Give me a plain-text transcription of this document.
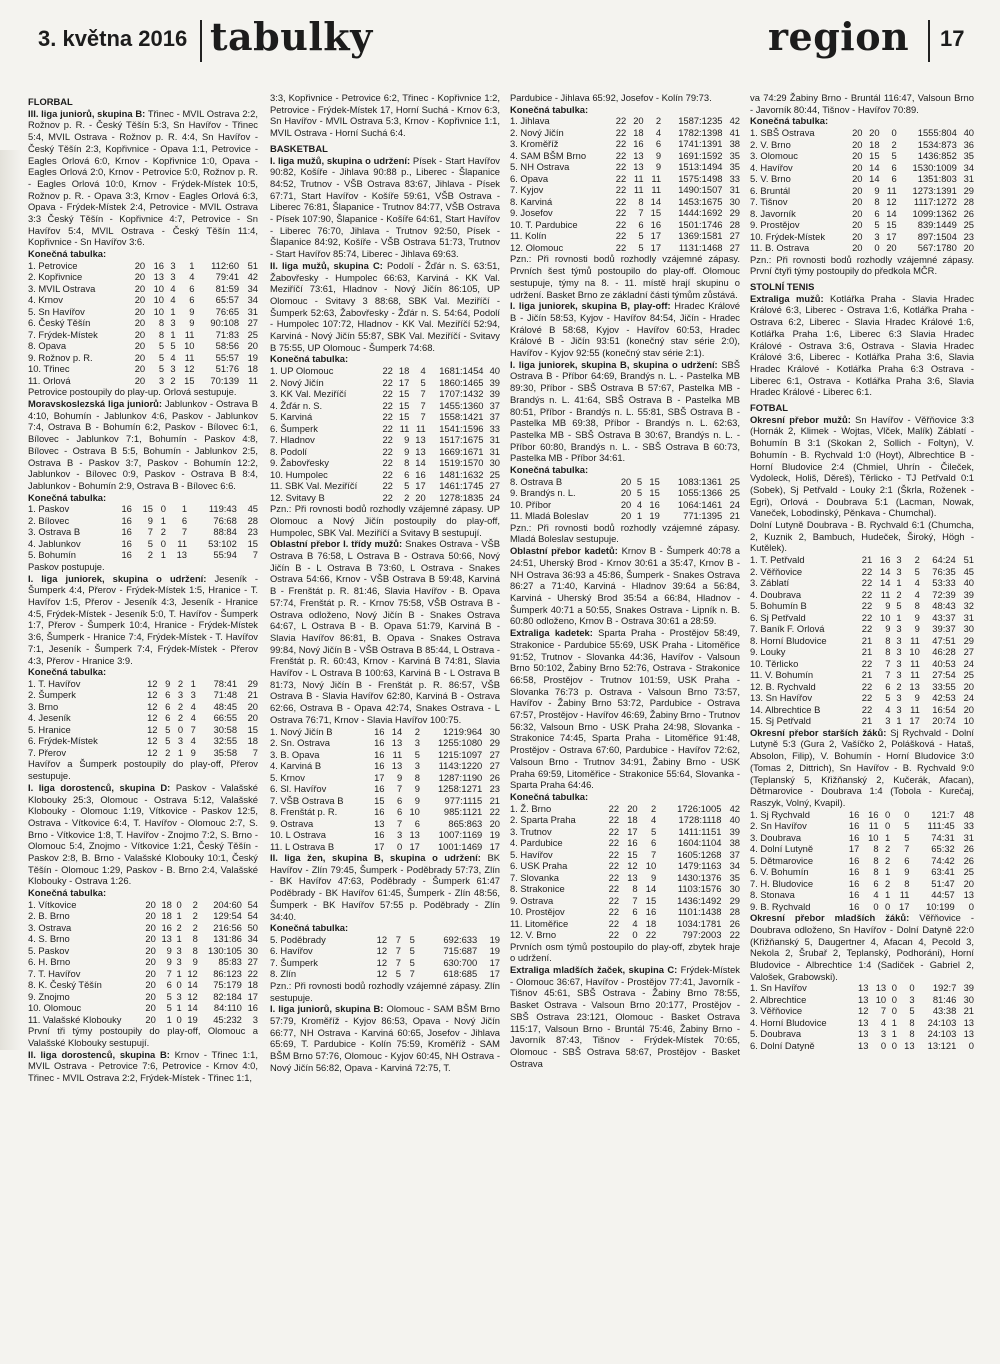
3. května 2016 tabulky	region 17
FLORBAL

III. liga juniorů, skupina B: Třinec - MVIL Ostrava 2:2, Rožnov p. R. - Český Těšín 5:3, Sn Havířov - Třinec 5:4, MVIL Ostrava - Rožnov p. R. 4:4, Sn Havířov - Český Těšín 2:3, Kopřivnice - Opava 1:1, Petrovice - Eagles Orlová 6:0, Krnov - Kopřivnice 1:0, Opava - Eagles Orlová 2:0, Krnov - Petrovice 5:0, Rožnov p. R. - Eagles Orlová 10:0, Krnov - Frýdek-Místek 10:5, Rožnov p. R. - Opava 3:3, Krnov - Eagles Orlová 6:3, Opava - Frýdek-Místek 2:4, Petrovice - MVIL Ostrava 3:3 Český Těšín - Kopřivnice 4:7, Petrovice - Sn Havířov 5:4, MVIL Ostrava - Český Těšín 11:4, Kopřivnice - Sn Havířov 3:6.

Konečná tabulka:
1. Petrovice	20	16	3	1	112:60	51
2. Kopřivnice	20	13	3	4	79:41	42
3. MVIL Ostrava	20	10	4	6	81:59	34
4. Krnov	20	10	4	6	65:57	34
5. Sn Havířov	20	10	1	9	76:65	31
6. Český Těšín	20	8	3	9	90:108	27
7. Frýdek-Místek	20	8	1	11	71:83	25
8. Opava	20	5	5	10	58:56	20
9. Rožnov p. R.	20	5	4	11	55:57	19
10. Třinec	20	5	3	12	51:76	18
11. Orlová	20	3	2	15	70:139	11

Petrovice postoupily do play-up. Orlová sestupuje.

Moravskoslezská liga juniorů: Jablunkov - Ostrava B 4:10, Bohumín - Jablunkov 4:6, Paskov - Jablunkov 7:4, Ostrava B - Bohumín 6:2, Paskov - Bílovec 6:1, Bílovec - Jablunkov 7:1, Bohumín - Paskov 4:8, Bílovec - Ostrava B 5:5, Bohumín - Jablunkov 2:5, Ostrava B - Paskov 3:7, Paskov - Bohumín 12:2, Jablunkov - Bílovec 0:9, Paskov - Ostrava B 8:4, Jablunkov - Bohumín 2:9, Ostrava B - Bílovec 6:6.

Konečná tabulka:
1. Paskov	16	15	0	1	119:43	45
2. Bílovec	16	9	1	6	76:68	28
3. Ostrava B	16	7	2	7	88:84	23
4. Jablunkov	16	5	0	11	53:102	15
5. Bohumín	16	2	1	13	55:94	7

Paskov postupuje.

I. liga juniorek, skupina o udržení: Jeseník - Šumperk 4:4, Přerov - Frýdek-Místek 1:5, Hranice - T. Havířov 1:5, Přerov - Jeseník 4:3, Jeseník - Hranice 4:5, Frýdek-Místek - Jeseník 5:0, T. Havířov - Šumperk 1:7, Přerov - Šumperk 10:4, Hranice - Frýdek-Místek 3:6, Šumperk - Hranice 7:4, Frýdek-Místek - T. Havířov 7:1, Jeseník - Šumperk 7:4, Frýdek-Místek - Přerov 4:3, Přerov - Hranice 3:9.

Konečná tabulka:
1. T. Havířov	12	9	2	1	78:41	29
2. Šumperk	12	6	3	3	71:48	21
3. Brno	12	6	2	4	48:45	20
4. Jeseník	12	6	2	4	66:55	20
5. Hranice	12	5	0	7	30:58	15
6. Frýdek-Místek	12	5	3	4	32:55	18
7. Přerov	12	2	1	9	35:58	7

Havířov a Šumperk postoupily do play-off, Přerov sestupuje.

I. liga dorostenců, skupina D: Paskov - Valašské Klobouky 25:3, Olomouc - Ostrava 5:12, Valašské Klobouky - Olomouc 1:19, Vítkovice - Paskov 12:5, Ostrava - Vítkovice 6:4, T. Havířov - Olomouc 2:7, S. Brno - Vítkovice 1:8, T. Havířov - Znojmo 7:2, S. Brno - Olomouc 5:4, Znojmo - Vítkovice 1:21, Český Těšín - Paskov 2:8, B. Brno - Valašské Klobouky 10:1, Český Těšín - Olomouc 1:29, Paskov - B. Brno 2:4, Valašské Klobouky - Ostrava 1:26.

Konečná tabulka:
1. Vítkovice	20	18	0	2	204:60	54
2. B. Brno	20	18	1	2	129:54	54
3. Ostrava	20	16	2	2	216:56	50
4. S. Brno	20	13	1	8	131:86	34
5. Paskov	20	9	3	8	130:105	30
6. H. Brno	20	9	3	9	85:83	27
7. T. Havířov	20	7	1	12	86:123	22
8. K. Český Těšín	20	6	0	14	75:179	18
9. Znojmo	20	5	3	12	82:184	17
10. Olomouc	20	5	1	14	84:110	16
11. Valašské Klobouky	20	1	0	19	45:232	3

První tři týmy postoupily do play-off, Olomouc a Valašské Klobouky sestupují.

II. liga dorostenců, skupina B: Krnov - Třinec 1:1, MVIL Ostrava - Petrovice 7:6, Petrovice - Krnov 4:0, Třinec - MVIL Ostrava 2:2, Frýdek-Místek - Třinec 1:1,

3:3, Kopřivnice - Petrovice 6:2, Třinec - Kopřivnice 1:2, Petrovice - Frýdek-Místek 17, Horní Suchá - Krnov 6:3, Sn Havířov - MVIL Ostrava 5:3, Krnov - Kopřivnice 1:1, MVIL Ostrava - Horní Suchá 6:4.

BASKETBAL

I. liga mužů, skupina o udržení: Písek - Start Havířov 90:82, Košíře - Jihlava 90:88 p., Liberec - Šlapanice 84:52, Trutnov - VŠB Ostrava 83:67, Jihlava - Písek 67:71, Start Havířov - Košíře 59:61, VŠB Ostrava - Liberec 76:81, Šlapanice - Trutnov 84:77, VŠB Ostrava - Písek 107:90, Šlapanice - Košíře 64:61, Start Havířov - Liberec 76:70, Jihlava - Trutnov 92:50, Písek - Šlapanice 84:92, Košíře - VŠB Ostrava 51:73, Trutnov - Start Havířov 85:74, Liberec - Jihlava 69:63.

II. liga mužů, skupina C: Podolí - Žďár n. S. 63:51, Žabovřesky - Humpolec 66:63, Karviná - KK Val. Meziříčí 73:61, Hladnov - Nový Jičín 86:105, UP Olomouc - Svitavy 3 88:68, SBK Val. Meziříčí - Šumperk 52:63, Žabovřesky - Žďár n. S. 54:64, Podolí - Humpolec 107:72, Hladnov - KK Val. Meziříčí 52:94, Karviná - Nový Jičín 55:87, SBK Val. Meziříčí - Svitavy B 75:55, UP Olomouc - Šumperk 74:68.

Konečná tabulka:
1. UP Olomouc	22	18	4	1681:1454	40
2. Nový Jičín	22	17	5	1860:1465	39
3. KK Val. Meziříčí	22	15	7	1707:1432	39
4. Žďár n. S.	22	15	7	1455:1360	37
5. Karviná	22	15	7	1558:1421	37
6. Šumperk	22	11	11	1541:1596	33
7. Hladnov	22	9	13	1517:1675	31
8. Podolí	22	9	13	1669:1671	31
9. Žabovřesky	22	8	14	1519:1570	30
10. Humpolec	22	6	16	1481:1632	25
11. SBK Val. Meziříčí	22	5	17	1461:1745	27
12. Svitavy B	22	2	20	1278:1835	24

Pzn.: Při rovnosti bodů rozhodly vzájemné zápasy. UP Olomouc a Nový Jičín postoupily do play-off, Humpolec, SBK Val. Meziříčí a Svitavy B sestupují.

Oblastní přebor I. třídy mužů: Snakes Ostrava - VŠB Ostrava B 76:58, L Ostrava B - Ostrava 50:66, Nový Jičín B - L Ostrava B 73:60, L Ostrava - Snakes Ostrava 54:66, Krnov - VŠB Ostrava B 59:48, Karviná B - Frenštát p. R. 81:46, Slavia Havířov - B. Opava 57:74, Frenštát p. R. - Krnov 75:58, VŠB Ostrava B - Ostrava odloženo, Nový Jičín B - Snakes Ostrava 64:67, L Ostrava B - B. Opava 51:79, Karviná B - Slavia Havířov 86:81, B. Opava - Snakes Ostrava 99:84, Nový Jičín B - VŠB Ostrava B 85:44, L Ostrava - Frenštát p. R. 60:43, Krnov - Karviná B 74:81, Slavia Havířov - L Ostrava B 100:63, Karviná B - L Ostrava B 81:73, Nový Jičín B - Frenštát p. R. 86:57, VŠB Ostrava B - Slavia Havířov 62:80, Karviná B - Ostrava 62:66, Ostrava B - Opava 42:74, Snakes Ostrava - L Ostrava 76:71, Krnov - Slavia Havířov 100:75.

1. Nový Jičín B	16	14	2	1219:964	30
2. Sn. Ostrava	16	13	3	1255:1080	29
3. B. Opava	16	11	5	1215:1097	27
4. Karviná B	16	13	3	1143:1220	27
5. Krnov	17	9	8	1287:1190	26
6. Sl. Havířov	16	7	9	1258:1271	23
7. VŠB Ostrava B	15	6	9	977:1115	21
8. Frenštát p. R.	16	6	10	985:1121	22
9. Ostrava	13	7	6	865:863	20
10. L Ostrava	16	3	13	1007:1169	19
11. L Ostrava B	17	0	17	1001:1469	17

II. liga žen, skupina B, skupina o udržení: BK Havířov - Zlín 79:45, Šumperk - Poděbrady 57:73, Zlín - BK Havířov 47:63, Poděbrady - Šumperk 61:47 Poděbrady - BK Havířov 61:45, Šumperk - Zlín 48:56, Šumperk - BK Havířov 57:55 p. Poděbrady - Zlín 34:40.

Konečná tabulka:
5. Poděbrady	12	7	5	692:633	19
6. Havířov	12	7	5	715:687	19
7. Šumperk	12	7	5	630:700	17
8. Zlín	12	5	7	618:685	17

Pzn.: Při rovnosti bodů rozhodly vzájemné zápasy. Zlín sestupuje.

I. liga juniorů, skupina B: Olomouc - SAM BŠM Brno 57:79, Kroměříž - Kyjov 86:53, Opava - Nový Jičín 66:77, NH Ostrava - Karviná 60:65, Josefov - Jihlava 65:69, T. Pardubice - Kolín 75:59, Kroměříž - SAM BŠM Brno 57:76, Olomouc - Kyjov 60:45, NH Ostrava - Nový Jičín 56:82, Opava - Karviná 72:75, T.

Pardubice - Jihlava 65:92, Josefov - Kolín 79:73.

Konečná tabulka:
1. Jihlava	22	20	2	1587:1235	42
2. Nový Jičín	22	18	4	1782:1398	41
3. Kroměříž	22	16	6	1741:1391	38
4. SAM BŠM Brno	22	13	9	1691:1592	35
5. NH Ostrava	22	13	9	1513:1494	35
6. Opava	22	11	11	1575:1498	33
7. Kyjov	22	11	11	1490:1507	31
8. Karviná	22	8	14	1453:1675	30
9. Josefov	22	7	15	1444:1692	29
10. T. Pardubice	22	6	16	1501:1746	28
11. Kolín	22	5	17	1369:1581	27
12. Olomouc	22	5	17	1131:1468	27

Pzn.: Při rovnosti bodů rozhodly vzájemné zápasy. Prvních šest týmů postoupilo do play-off. Olomouc sestupuje, týmy na 8. - 11. místě hrají skupinu o udržení. Basket Brno ze základní části týmům zůstává.

I. liga juniorek, skupina B, play-off: Hradec Králové B - Jičín 58:53, Kyjov - Havířov 84:54, Jičín - Hradec Králové B 58:68, Kyjov - Havířov 60:53, Hradec Králové B - Jičín 93:51 (konečný stav série 2:0), Havířov - Kyjov 92:55 (konečný stav série 2:1).

I. liga juniorek, skupina B, skupina o udržení: SBŠ Ostrava B - Příbor 64:69, Brandýs n. L. - Pastelka MB 89:30, Příbor - SBŠ Ostrava B 57:67, Pastelka MB - Brandýs n. L. 41:64, SBŠ Ostrava B - Pastelka MB 80:51, Příbor - Brandýs n. L. 55:81, SBŠ Ostrava B - Pastelka MB 69:38, Příbor - Brandýs n. L. 62:63, Pastelka MB - SBŠ Ostrava B 30:67, Brandýs n. L. - Příbor 60:80, Brandýs n. L. - SBŠ Ostrava B 60:73, Pastelka MB - Příbor 34:61.

Konečná tabulka:
8. Ostrava B	20	5	15	1083:1361	25
9. Brandýs n. L.	20	5	15	1055:1366	25
10. Příbor	20	4	16	1064:1461	24
11. Mladá Boleslav	20	1	19	771:1395	21

Pzn.: Při rovnosti bodů rozhodly vzájemné zápasy. Mladá Boleslav sestupuje.

Oblastní přebor kadetů: Krnov B - Šumperk 40:78 a 24:51, Uherský Brod - Krnov 30:61 a 35:47, Krnov B - NH Ostrava 36:93 a 45:86, Šumperk - Snakes Ostrava 86:27 a 71:40, Karviná - Hladnov 39:64 a 56:84, Karviná - Uherský Brod 35:54 a 66:84, Hladnov - Šumperk 40:71 a 50:55, Snakes Ostrava - Lipník n. B. 60:80 odloženo, Krnov B - Ostrava 30:61 a 28:59.

Extraliga kadetek: Sparta Praha - Prostějov 58:49, Strakonice - Pardubice 55:69, USK Praha - Litoměřice 91:52, Trutnov - Slovanka 44:36, Havířov - Valsoun Brno 50:102, Žabiny Brno 52:76, Ostrava - Strakonice 66:58, Prostějov - Trutnov 101:59, USK Praha - Slovanka 76:73 p. Ostrava - Valsoun Brno 73:57, Havířov - Žabiny Brno 53:72, Pardubice - Ostrava 67:57, Prostějov - Havířov 46:69, Žabiny Brno - Trutnov 56:32, Valsoun Brno - USK Praha 24:98, Slovanka - Strakonice 74:45, Sparta Praha - Litoměřice 91:48, Prostějov - Ostrava 67:60, Pardubice - Havířov 72:62, Valsoun Brno - Trutnov 34:91, Žabiny Brno - USK Praha 69:59, Litoměřice - Strakonice 55:64, Slovanka - Sparta Praha 64:46.

Konečná tabulka:
1. Ž. Brno	22	20	2	1726:1005	42
2. Sparta Praha	22	18	4	1728:1118	40
3. Trutnov	22	17	5	1411:1151	39
4. Pardubice	22	16	6	1604:1104	38
5. Havířov	22	15	7	1605:1268	37
6. USK Praha	22	12	10	1479:1163	34
7. Slovanka	22	13	9	1430:1376	35
8. Strakonice	22	8	14	1103:1576	30
9. Ostrava	22	7	15	1436:1492	29
10. Prostějov	22	6	16	1101:1438	28
11. Litoměřice	22	4	18	1034:1781	26
12. V. Brno	22	0	22	797:2003	22

Prvních osm týmů postoupilo do play-off, zbytek hraje o udržení.

Extraliga mladších žaček, skupina C: Frýdek-Místek - Olomouc 36:67, Havířov - Prostějov 77:41, Javorník - Tišnov 45:61, SBŠ Ostrava - Žabiny Brno 78:55, Basket Ostrava - Valsoun Brno 20:177, Prostějov - SBŠ Ostrava 23:121, Olomouc - Basket Ostrava 115:17, Valsoun Brno - Bruntál 75:46, Žabiny Brno - Javorník 87:43, Tišnov - Frýdek-Místek 70:65, Olomouc - SBŠ Ostrava 58:67, Prostějov - Basket Ostrava

va 74:29 Žabiny Brno - Bruntál 116:47, Valsoun Brno - Javorník 80:44, Tišnov - Havířov 70:89.

Konečná tabulka:
1. SBŠ Ostrava	20	20	0	1555:804	40
2. V. Brno	20	18	2	1534:873	36
3. Olomouc	20	15	5	1436:852	35
4. Havířov	20	14	6	1530:1009	34
5. V. Brno	20	14	6	1351:803	31
6. Bruntál	20	9	11	1273:1391	29
7. Tišnov	20	8	12	1117:1272	28
8. Javorník	20	6	14	1099:1362	26
9. Prostějov	20	5	15	839:1449	25
10. Frýdek-Místek	20	3	17	897:1504	23
11. B. Ostrava	20	0	20	567:1780	20

Pzn.: Při rovnosti bodů rozhodly vzájemné zápasy. První čtyři týmy postoupily do předkola MČR.

STOLNÍ TENIS

Extraliga mužů: Kotlářka Praha - Slavia Hradec Králové 6:3, Liberec - Ostrava 1:6, Kotlářka Praha - Ostrava 6:2, Liberec - Slavia Hradec Králové 1:6, Kotlářka Praha 1:6, Liberec 6:3 Slavia Hradec Králové - Ostrava 3:6, Ostrava - Slavia Hradec Králové 3:6, Liberec - Kotlářka Praha 3:6, Slavia Hradec Králové - Kotlářka Praha 6:3 Ostrava - Liberec 6:1, Ostrava - Kotlářka Praha 3:6, Slavia Hradec Králové - Liberec 6:1.

FOTBAL

Okresní přebor mužů: Sn Havířov - Věřňovice 3:3 (Hornák 2, Klimek - Wojtas, Vlček, Malík) Záblatí - Bohumín B 3:1 (Skokan 2, Sollich - Foltyn), V. Bohumín - B. Rychvald 1:0 (Hoyt), Albrechtice B - Horní Bludovice 2:4 (Chmiel, Uhrín - Čileček, Vydoleck, Holiš, Děreš), Těrlicko - TJ Petřvald 0:1 (Sobek), Sj Petřvald - Louky 2:1 (Škrla, Roženek - Egri), Orlová - Doubrava 5:1 (Lacman, Nowak, Vaneček, Lobodinský, Pěnkava - Chumchal).

Dolní Lutyně Doubrava - B. Rychvald 6:1 (Chumcha, 2, Kuznik 2, Bambuch, Hudeček, Široký, Högh - Kutělek).

1. T. Petřvald	21	16	3	2	64:24	51
2. Věřňovice	22	14	3	5	76:35	45
3. Záblatí	22	14	1	4	53:33	40
4. Doubrava	22	11	2	4	72:39	39
5. Bohumín B	22	9	5	8	48:43	32
6. Sj Petřvald	22	10	1	9	43:37	31
7. Baník F. Orlová	22	9	3	9	39:37	30
8. Horní Bludovice	21	8	3	11	47:51	29
9. Louky	21	8	3	10	46:28	27
10. Těrlicko	22	7	3	11	40:53	24
11. V. Bohumín	21	7	3	11	27:54	25
12. B. Rychvald	22	6	2	13	33:55	20
13. Sn Havířov	22	5	3	9	42:53	24
14. Albrechtice B	22	4	3	11	16:54	20
15. Sj Petřvald	21	3	1	17	20:74	10

Okresní přebor starších žáků: Sj Rychvald - Dolní Lutyně 5:3 (Gura 2, Vašíčko 2, Polášková - Hataš, Absolon, Filip), V. Bohumín - Horní Bludovice 3:0 (Tomas 2, Dittrich), Sn Havířov - B. Rychvald 9:0 (Teplanský 5, Křižňanský 2, Kučerák, Afacan), Dětmarovice - Doubrava 1:4 (Tobola - Kurečaj, Raszyk, Volný, Kvapil).

1. Sj Rychvald	16	16	0	0	121:7	48
2. Sn Havířov	16	11	0	5	111:45	33
3. Doubrava	16	10	1	5	74:31	31
4. Dolní Lutyně	17	8	2	7	65:32	26
5. Dětmarovice	16	8	2	6	74:42	26
6. V. Bohumín	16	8	1	9	63:41	25
7. H. Bludovice	16	6	2	8	51:47	20
8. Stonava	16	4	1	11	44:57	13
9. B. Rychvald	16	0	0	17	10:199	0

Okresní přebor mladších žáků: Věřňovice - Doubrava odloženo, Sn Havířov - Dolní Datyně 22:0 (Křižňanský 5, Daugertner 4, Afacan 4, Pecold 3, Nekola 2, Šrubař 2, Teplanský, Podhoráni), Horní Bludovice - Albrechtice 1:4 (Sadiček - Gabriel 2, Valošek, Grabowski).

1. Sn Havířov	13	13	0	0	192:7	39
2. Albrechtice	13	10	0	3	81:46	30
3. Věřňovice	12	7	0	5	43:38	21
4. Horní Bludovice	13	4	1	8	24:103	13
5. Doubrava	13	3	1	8	24:103	13
6. Dolní Datyně	13	0	0	13	13:121	0
